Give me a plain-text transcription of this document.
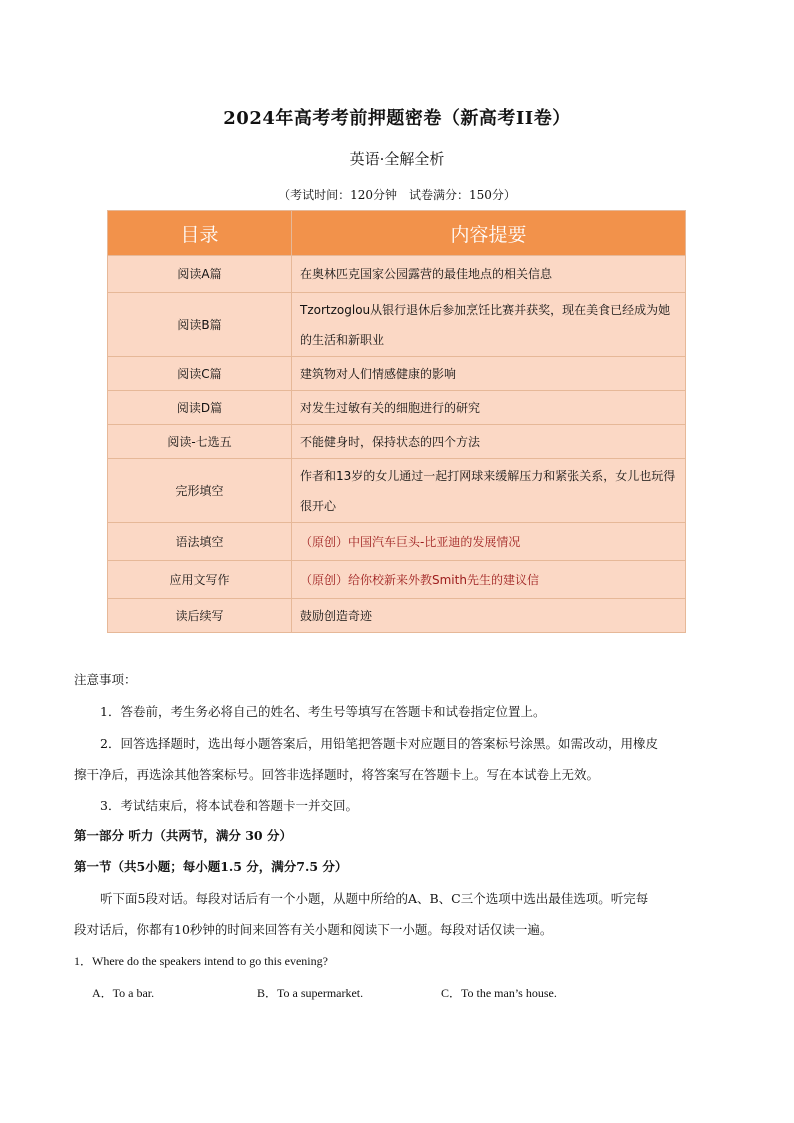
2024年高考考前押题密卷（新高考II卷）
英语·全解全析
（考试时间：120分钟　试卷满分：150分）
目录	内容提要
阅读A篇	在奥林匹克国家公园露营的最佳地点的相关信息
阅读B篇	Tzortzoglou从银行退休后参加烹饪比赛并获奖，现在美食已经成为她的生活和新职业
阅读C篇	建筑物对人们情感健康的影响
阅读D篇	对发生过敏有关的细胞进行的研究
阅读-七选五	不能健身时，保持状态的四个方法
完形填空	作者和13岁的女儿通过一起打网球来缓解压力和紧张关系，女儿也玩得很开心
语法填空	（原创）中国汽车巨头-比亚迪的发展情况
应用文写作	（原创）给你校新来外教Smith先生的建议信
读后续写	鼓励创造奇迹

注意事项：

1．答卷前，考生务必将自己的姓名、考生号等填写在答题卡和试卷指定位置上。

2．回答选择题时，选出每小题答案后，用铅笔把答题卡对应题目的答案标号涂黑。如需改动，用橡皮

擦干净后，再选涂其他答案标号。回答非选择题时，将答案写在答题卡上。写在本试卷上无效。

3．考试结束后，将本试卷和答题卡一并交回。

第一部分 听力（共两节，满分 30 分）

第一节（共5小题；每小题1.5 分，满分7.5 分）

听下面5段对话。每段对话后有一个小题，从题中所给的A、B、C三个选项中选出最佳选项。听完每

段对话后，你都有10秒钟的时间来回答有关小题和阅读下一小题。每段对话仅读一遍。

1．Where do the speakers intend to go this evening?

A．To a bar.	B．To a supermarket.	C．To the man’s house.
